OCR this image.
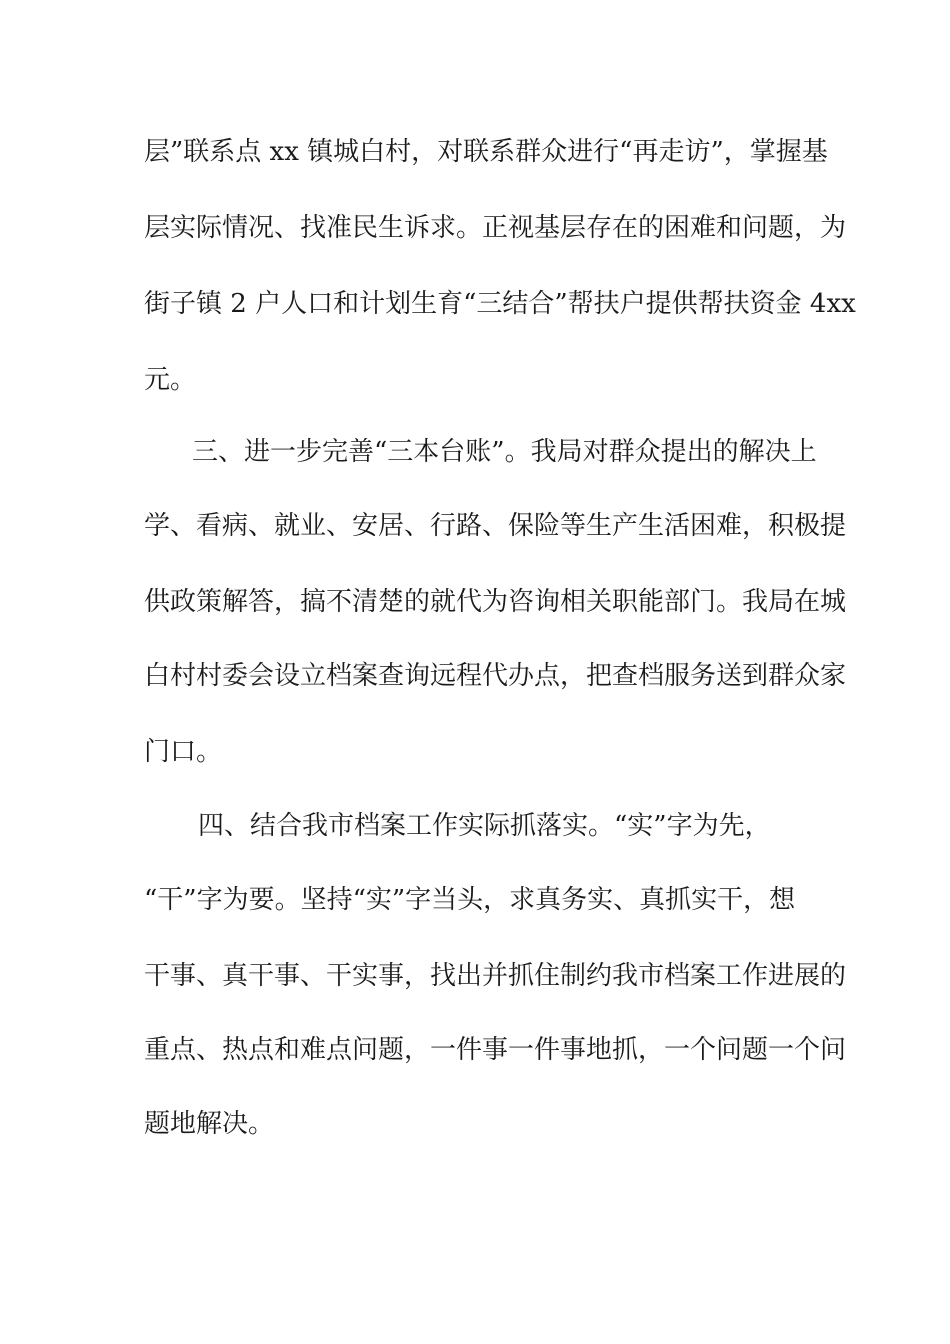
层”联系点 xx 镇城白村，对联系群众进行“再走访”，掌握基
层实际情况、找准民生诉求。正视基层存在的困难和问题，为
街子镇 2 户人口和计划生育“三结合”帮扶户提供帮扶资金 4xx
元。
三、进一步完善“三本台账”。我局对群众提出的解决上
学、看病、就业、安居、行路、保险等生产生活困难，积极提
供政策解答，搞不清楚的就代为咨询相关职能部门。我局在城
白村村委会设立档案查询远程代办点，把查档服务送到群众家
门口。
四、结合我市档案工作实际抓落实。“实”字为先，
“干”字为要。坚持“实”字当头，求真务实、真抓实干，想
干事、真干事、干实事，找出并抓住制约我市档案工作进展的
重点、热点和难点问题，一件事一件事地抓，一个问题一个问
题地解决。
